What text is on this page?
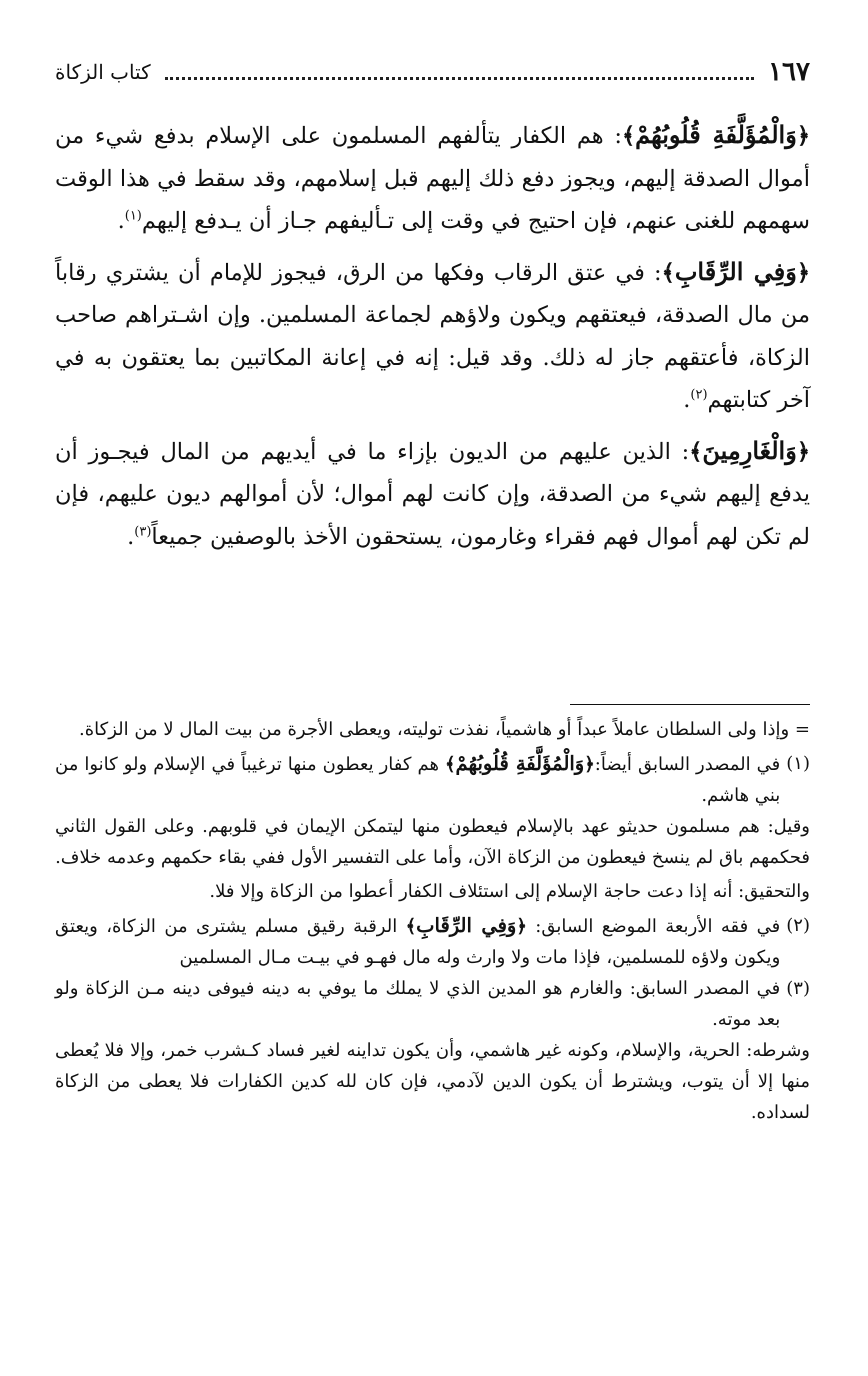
١٦٧
كتاب الزكاة

﴿وَالْمُؤَلَّفَةِ قُلُوبُهُمْ﴾: هم الكفار يتألفهم المسلمون على الإسلام بدفع شيء من أموال الصدقة إليهم، ويجوز دفع ذلك إليهم قبل إسلامهم، وقد سقط في هذا الوقت سهمهم للغنى عنهم، فإن احتيج في وقت إلى تـأليفهم جـاز أن يـدفع إليهم$^{(١)}$.

﴿وَفِي الرِّقَابِ﴾: في عتق الرقاب وفكها من الرق، فيجوز للإمام أن يشتري رقاباً من مال الصدقة، فيعتقهم ويكون ولاؤهم لجماعة المسلمين. وإن اشـتراهم صاحب الزكاة، فأعتقهم جاز له ذلك. وقد قيل: إنه في إعانة المكاتبين بما يعتقون به في آخر كتابتهم$^{(٢)}$.

﴿وَالْغَارِمِينَ﴾: الذين عليهم من الديون بإزاء ما في أيديهم من المال فيجـوز أن يدفع إليهم شيء من الصدقة، وإن كانت لهم أموال؛ لأن أموالهم ديون عليهم، فإن لم تكن لهم أموال فهم فقراء وغارمون، يستحقون الأخذ بالوصفين جميعاً$^{(٣)}$.

= وإذا ولى السلطان عاملاً عبداً أو هاشمياً، نفذت توليته، ويعطى الأجرة من بيت المال لا من الزكاة.

(١)
في المصدر السابق أيضاً:﴿وَالْمُؤَلَّفَةِ قُلُوبُهُمْ﴾ هم كفار يعطون منها ترغيباً في الإسلام ولو كانوا من بني هاشم.

وقيل: هم مسلمون حديثو عهد بالإسلام فيعطون منها ليتمكن الإيمان في قلوبهم. وعلى القول الثاني فحكمهم باق لم ينسخ فيعطون من الزكاة الآن، وأما على التفسير الأول ففي بقاء حكمهم وعدمه خلاف.

والتحقيق: أنه إذا دعت حاجة الإسلام إلى استئلاف الكفار أعطوا من الزكاة وإلا فلا.

(٢)
في فقه الأربعة الموضع السابق: ﴿وَفِي الرِّقَابِ﴾ الرقبة رقيق مسلم يشترى من الزكاة، ويعتق ويكون ولاؤه للمسلمين، فإذا مات ولا وارث وله مال فهـو في بيـت مـال المسلمين
(٣)
في المصدر السابق: والغارم هو المدين الذي لا يملك ما يوفي به دينه فيوفى دينه مـن الزكاة ولو بعد موته.

وشرطه: الحرية، والإسلام، وكونه غير هاشمي، وأن يكون تداينه لغير فساد كـشرب خمر، وإلا فلا يُعطى منها إلا أن يتوب، ويشترط أن يكون الدين لآدمي، فإن كان لله كدين الكفارات فلا يعطى من الزكاة لسداده.
